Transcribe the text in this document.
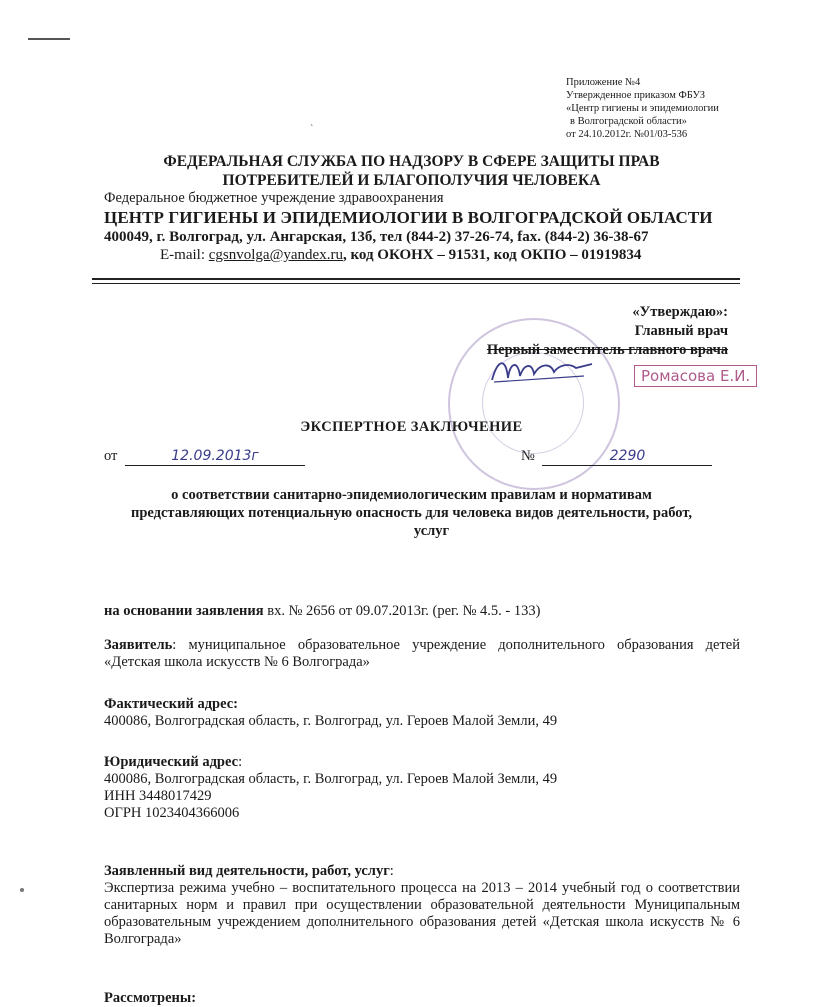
Приложение №4
Утвержденное приказом ФБУЗ
«Центр гигиены и эпидемиологии
в Волгоградской области»
от 24.10.2012г. №01/03-536
`
ФЕДЕРАЛЬНАЯ СЛУЖБА ПО НАДЗОРУ В СФЕРЕ ЗАЩИТЫ ПРАВ
ПОТРЕБИТЕЛЕЙ И БЛАГОПОЛУЧИЯ ЧЕЛОВЕКА
Федеральное бюджетное учреждение здравоохранения
ЦЕНТР ГИГИЕНЫ И ЭПИДЕМИОЛОГИИ В ВОЛГОГРАДСКОЙ ОБЛАСТИ
400049, г. Волгоград, ул. Ангарская, 13б, тел (844-2) 37-26-74, fax. (844-2) 36-38-67
E-mail: cgsnvolga@yandex.ru, код ОКОНХ – 91531, код ОКПО – 01919834
«Утверждаю»:
Главный врач
Первый заместитель главного врача
Ромасова Е.И.
ЭКСПЕРТНОЕ ЗАКЛЮЧЕНИЕ
от	12.09.2013г	№	2290
о соответствии санитарно-эпидемиологическим правилам и нормативам
представляющих потенциальную опасность для человека видов деятельности, работ,
услуг
на основании заявления вх. № 2656 от 09.07.2013г. (рег. № 4.5. - 133)
Заявитель: муниципальное образовательное учреждение дополнительного образования детей «Детская школа искусств № 6 Волгограда»
Фактический адрес:
400086, Волгоградская область, г. Волгоград, ул. Героев Малой Земли, 49
Юридический адрес:
400086, Волгоградская область, г. Волгоград, ул. Героев Малой Земли, 49
ИНН 3448017429
ОГРН 1023404366006
Заявленный вид деятельности, работ, услуг:
Экспертиза режима учебно – воспитательного процесса на 2013 – 2014 учебный год о соответствии санитарных норм и правил при осуществлении образовательной деятельности Муниципальным образовательным учреждением дополнительного образования детей «Детская школа искусств № 6 Волгограда»
Рассмотрены:
